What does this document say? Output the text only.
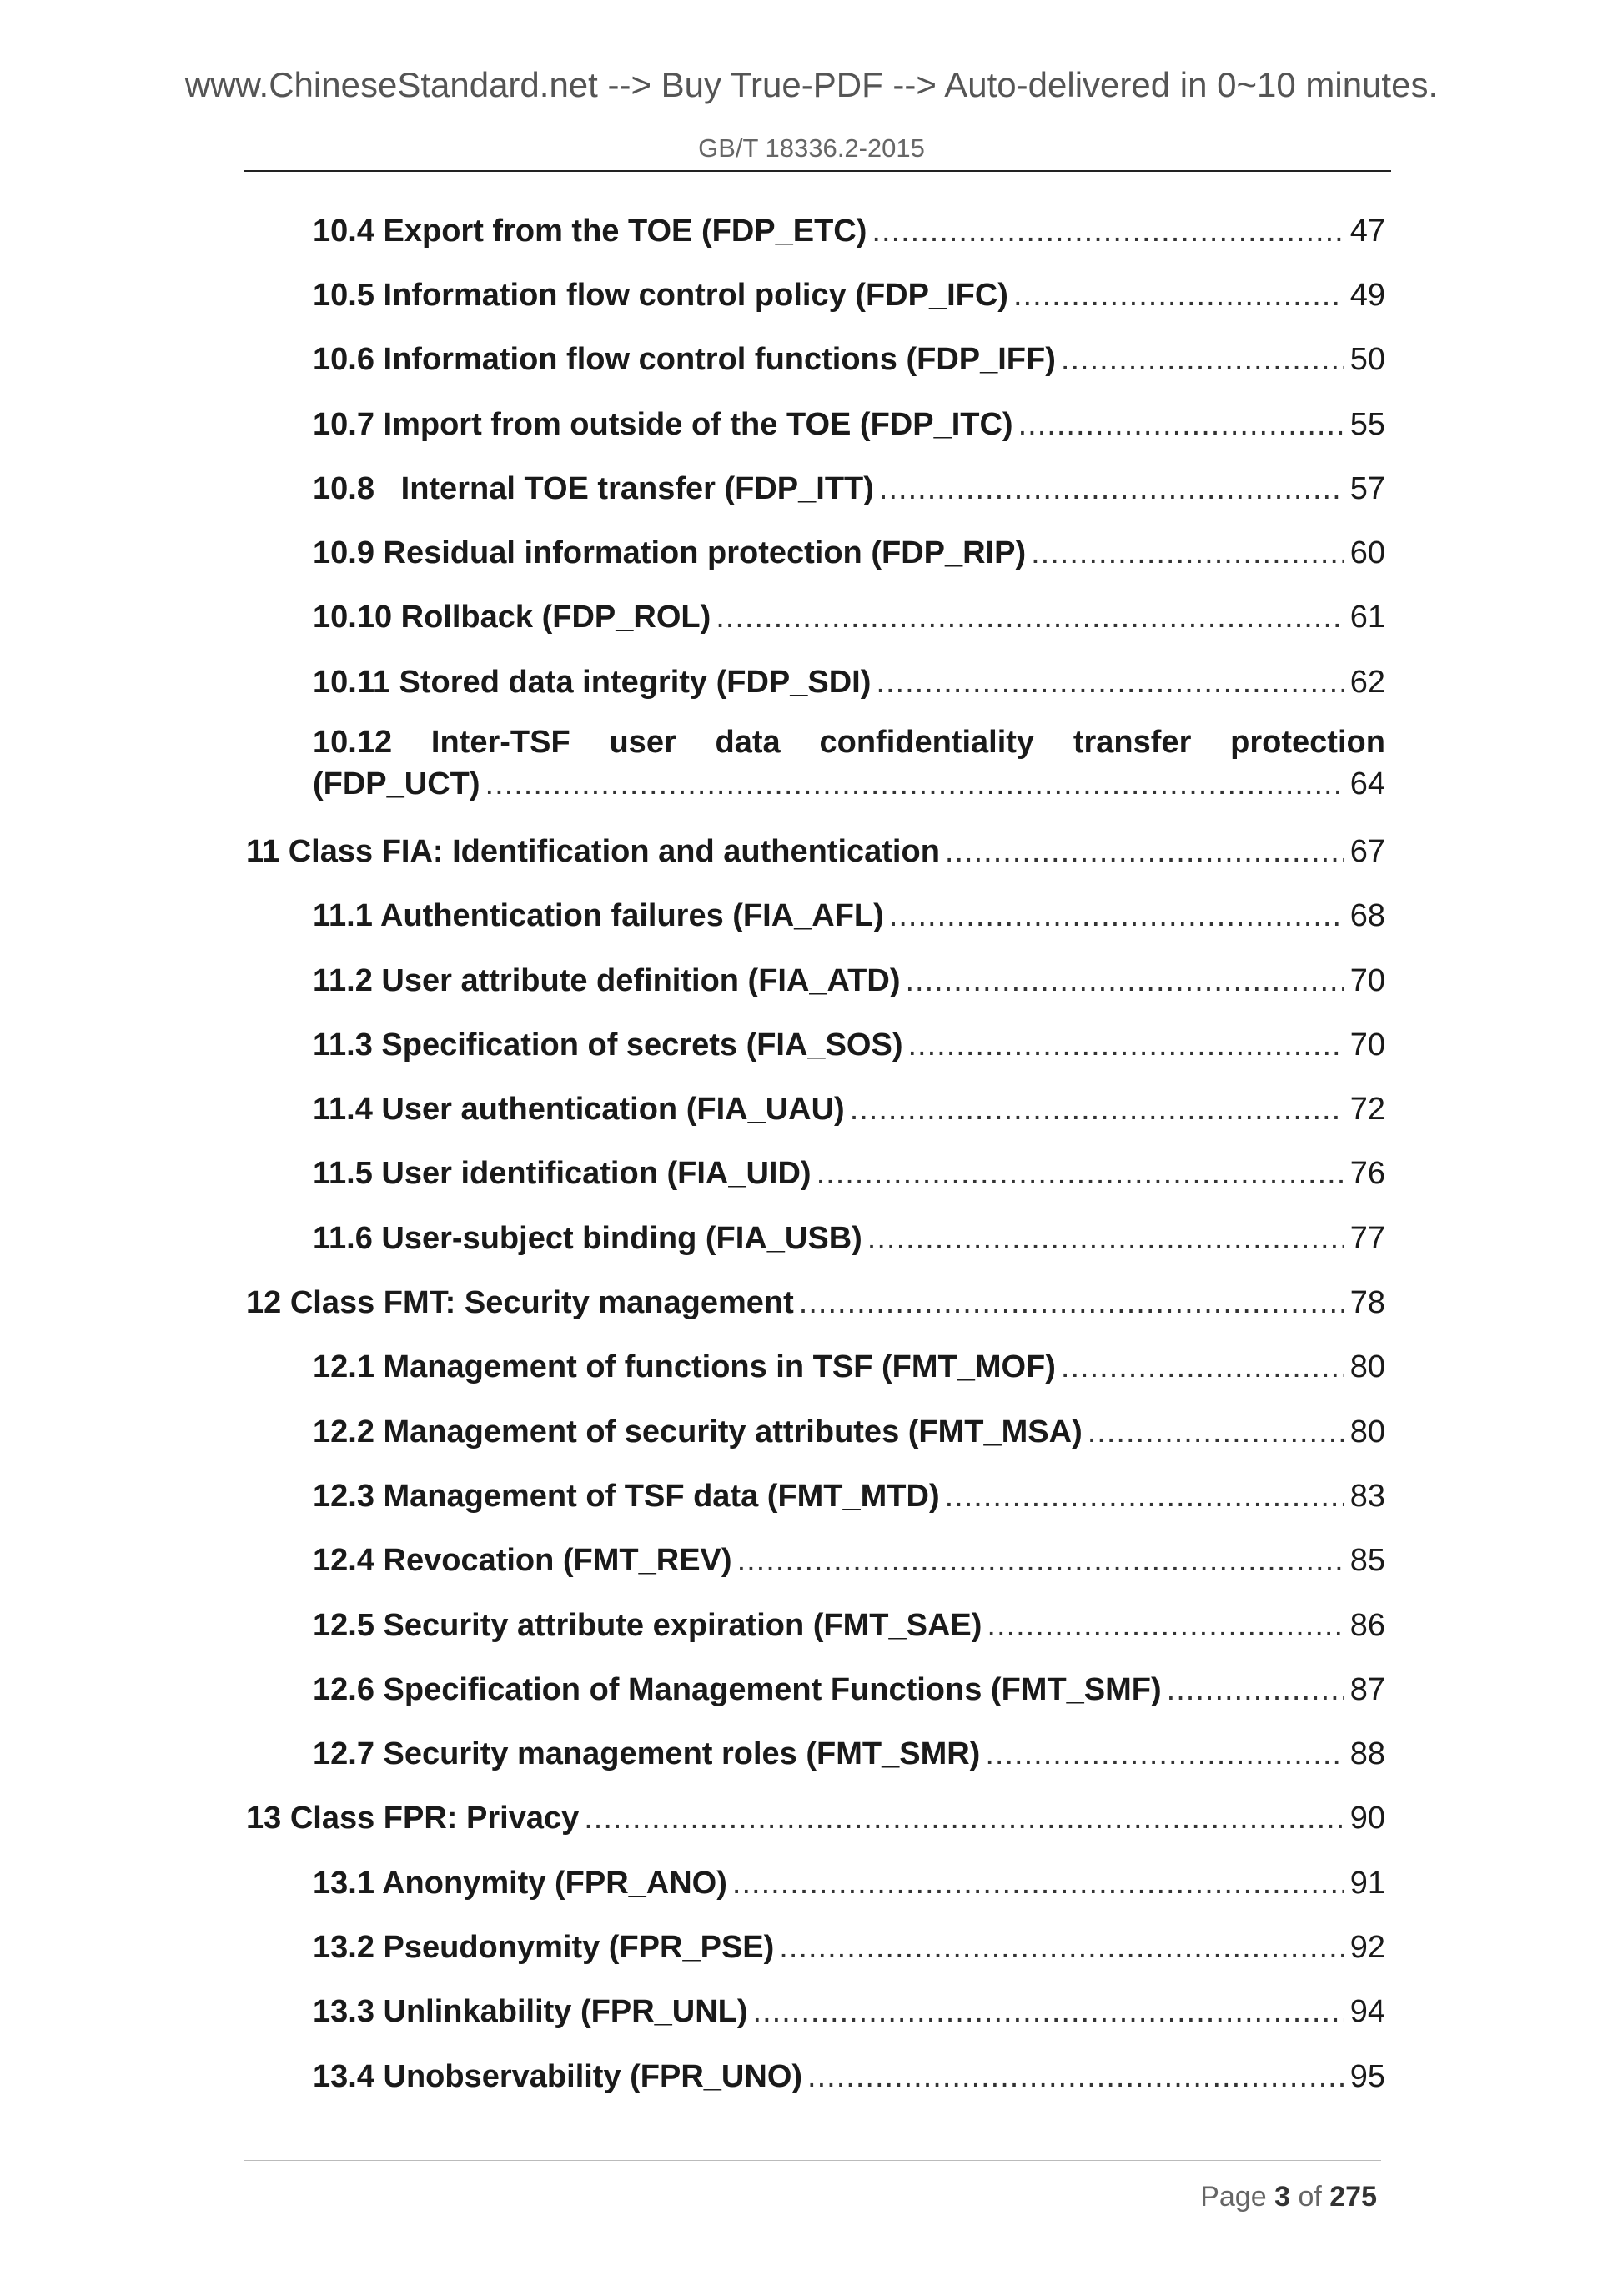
www.ChineseStandard.net --> Buy True-PDF --> Auto-delivered in 0~10 minutes.
GB/T 18336.2-2015
10.4 Export from the TOE (FDP_ETC) .....	47
10.5 Information flow control policy (FDP_IFC) .....	49
10.6 Information flow control functions (FDP_IFF) .....	50
10.7 Import from outside of the TOE (FDP_ITC) .....	55
10.8   Internal TOE transfer (FDP_ITT) .....	57
10.9 Residual information protection (FDP_RIP) .....	60
10.10 Rollback (FDP_ROL) .....	61
10.11 Stored data integrity (FDP_SDI) .....	62
10.12 Inter-TSF user data confidentiality transfer protection
(FDP_UCT) .....	64
11 Class FIA: Identification and authentication .....	67
11.1 Authentication failures (FIA_AFL) .....	68
11.2 User attribute definition (FIA_ATD) .....	70
11.3 Specification of secrets (FIA_SOS) .....	70
11.4 User authentication (FIA_UAU) .....	72
11.5 User identification (FIA_UID) .....	76
11.6 User-subject binding (FIA_USB) .....	77
12 Class FMT: Security management .....	78
12.1 Management of functions in TSF (FMT_MOF) .....	80
12.2 Management of security attributes (FMT_MSA) .....	80
12.3 Management of TSF data (FMT_MTD) .....	83
12.4 Revocation (FMT_REV) .....	85
12.5 Security attribute expiration (FMT_SAE) .....	86
12.6 Specification of Management Functions (FMT_SMF) .....	87
12.7 Security management roles (FMT_SMR) .....	88
13 Class FPR: Privacy .....	90
13.1 Anonymity (FPR_ANO) .....	91
13.2 Pseudonymity (FPR_PSE) .....	92
13.3 Unlinkability (FPR_UNL) .....	94
13.4 Unobservability (FPR_UNO) .....	95
Page 3 of 275
